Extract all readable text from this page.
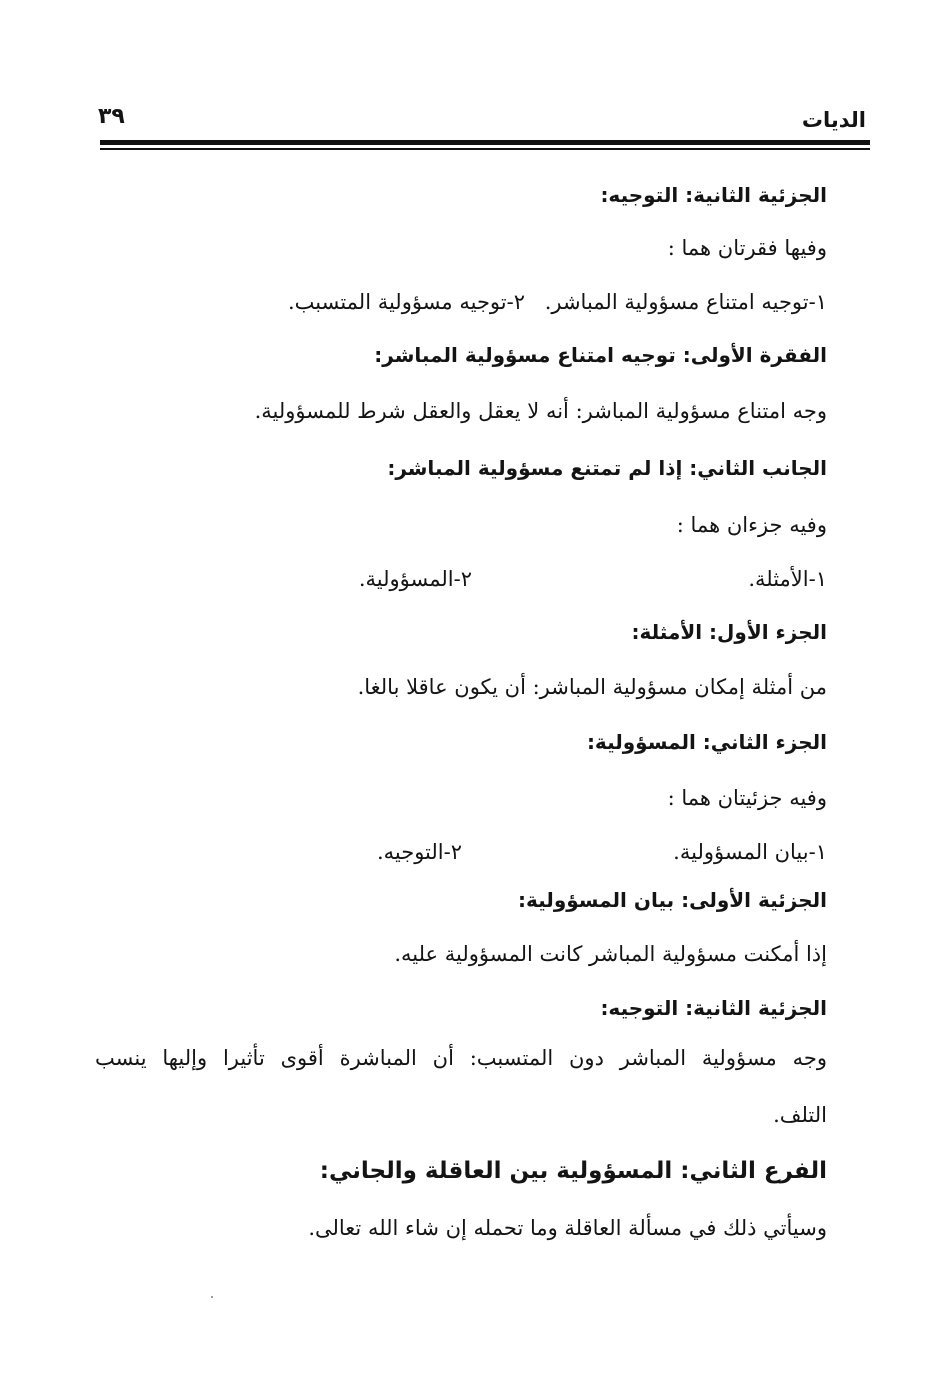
الديات
٣٩
الجزئية الثانية: التوجيه:
وفيها فقرتان هما :
١-توجيه امتناع مسؤولية المباشر.
٢-توجيه مسؤولية المتسبب.
الفقرة الأولى: توجيه امتناع مسؤولية المباشر:
وجه امتناع مسؤولية المباشر: أنه لا يعقل والعقل شرط للمسؤولية.
الجانب الثاني: إذا لم تمتنع مسؤولية المباشر:
وفيه جزءان هما :
١-الأمثلة.
٢-المسؤولية.
الجزء الأول: الأمثلة:
من أمثلة إمكان مسؤولية المباشر: أن يكون عاقلا بالغا.
الجزء الثاني: المسؤولية:
وفيه جزئيتان هما :
١-بيان المسؤولية.
٢-التوجيه.
الجزئية الأولى: بيان المسؤولية:
إذا أمكنت مسؤولية المباشر كانت المسؤولية عليه.
الجزئية الثانية: التوجيه:
وجه مسؤولية المباشر دون المتسبب: أن المباشرة أقوى تأثيرا وإليها ينسب
التلف.
الفرع الثاني: المسؤولية بين العاقلة والجاني:
وسيأتي ذلك في مسألة العاقلة وما تحمله إن شاء الله تعالى.
